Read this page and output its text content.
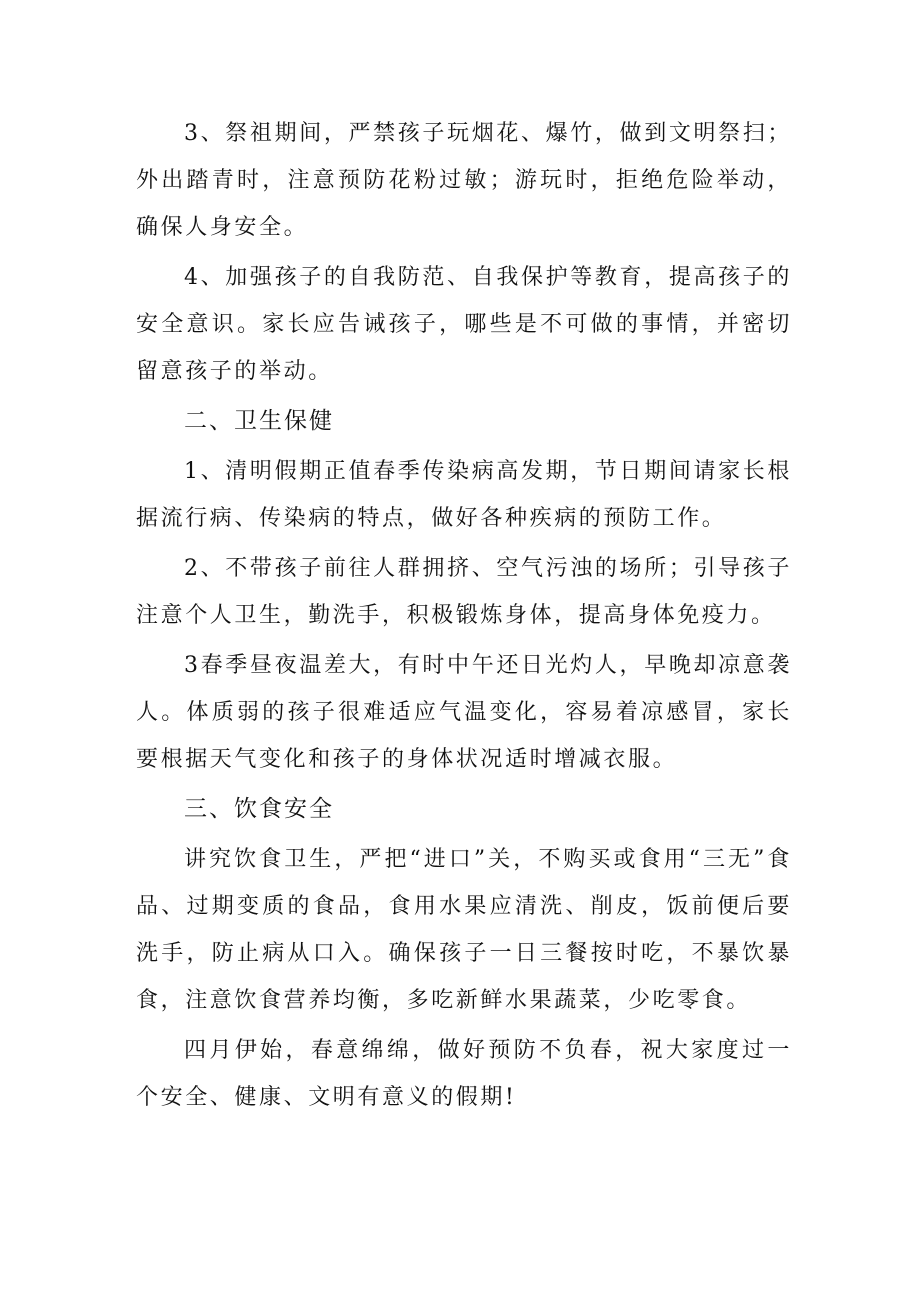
3、祭祖期间，严禁孩子玩烟花、爆竹，做到文明祭扫；外出踏青时，注意预防花粉过敏；游玩时，拒绝危险举动，确保人身安全。

4、加强孩子的自我防范、自我保护等教育，提高孩子的安全意识。家长应告诫孩子，哪些是不可做的事情，并密切留意孩子的举动。

二、卫生保健

1、清明假期正值春季传染病高发期，节日期间请家长根据流行病、传染病的特点，做好各种疾病的预防工作。

2、不带孩子前往人群拥挤、空气污浊的场所；引导孩子注意个人卫生，勤洗手，积极锻炼身体，提高身体免疫力。

3春季昼夜温差大，有时中午还日光灼人，早晚却凉意袭人。体质弱的孩子很难适应气温变化，容易着凉感冒，家长要根据天气变化和孩子的身体状况适时增减衣服。

三、饮食安全

讲究饮食卫生，严把“进口”关，不购买或食用“三无”食品、过期变质的食品，食用水果应清洗、削皮，饭前便后要洗手，防止病从口入。确保孩子一日三餐按时吃，不暴饮暴食，注意饮食营养均衡，多吃新鲜水果蔬菜，少吃零食。

四月伊始，春意绵绵，做好预防不负春，祝大家度过一个安全、健康、文明有意义的假期!
